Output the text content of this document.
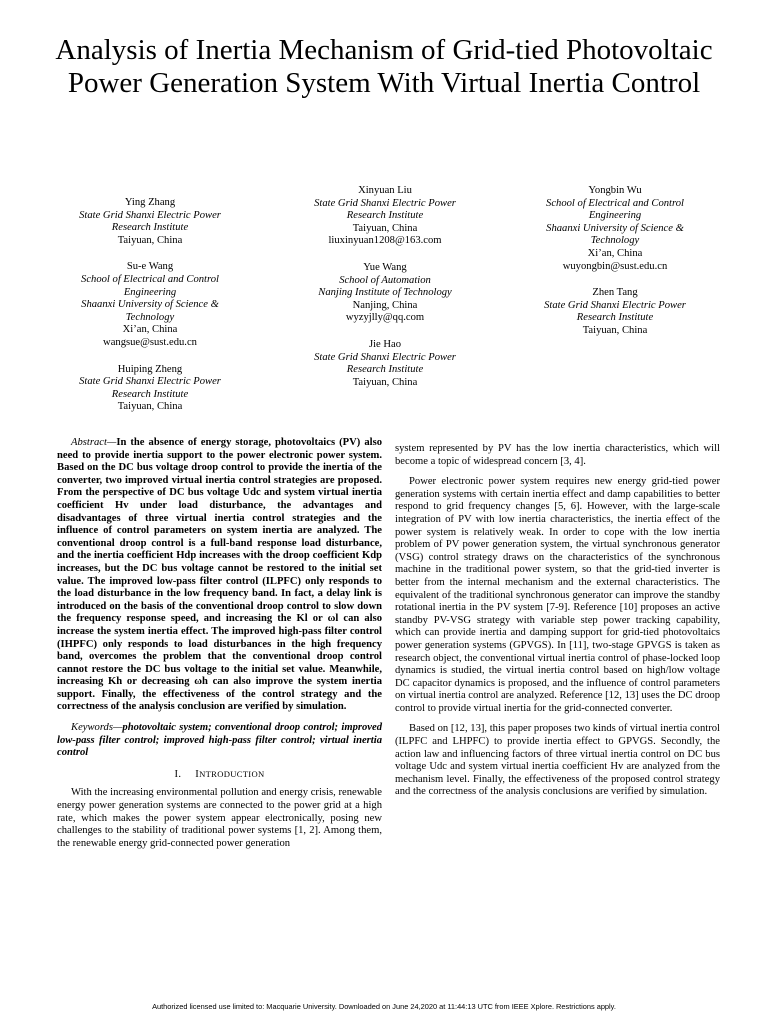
Analysis of Inertia Mechanism of Grid-tied Photovoltaic Power Generation System With Virtual Inertia Control
Ying Zhang
State Grid Shanxi Electric Power
Research Institute
Taiyuan, China
Su-e Wang
School of Electrical and Control
Engineering
Shaanxi University of Science &
Technology
Xi’an, China
wangsue@sust.edu.cn
Huiping Zheng
State Grid Shanxi Electric Power
Research Institute
Taiyuan, China
Xinyuan Liu
State Grid Shanxi Electric Power
Research Institute
Taiyuan, China
liuxinyuan1208@163.com
Yue Wang
School of Automation
Nanjing Institute of Technology
Nanjing, China
wyzyjlly@qq.com
Jie Hao
State Grid Shanxi Electric Power
Research Institute
Taiyuan, China
Yongbin Wu
School of Electrical and Control
Engineering
Shaanxi University of Science &
Technology
Xi’an, China
wuyongbin@sust.edu.cn
Zhen Tang
State Grid Shanxi Electric Power
Research Institute
Taiyuan, China

Abstract—In the absence of energy storage, photovoltaics (PV) also need to provide inertia support to the power electronic power system. Based on the DC bus voltage droop control to provide the inertia of the converter, two improved virtual inertia control strategies are proposed. From the perspective of DC bus voltage Udc and system virtual inertia coefficient Hv under load disturbance, the advantages and disadvantages of three virtual inertia control strategies and the influence of control parameters on system inertia are analyzed. The conventional droop control is a full-band response load disturbance, and the inertia coefficient Hdp increases with the droop coefficient Kdp increases, but the DC bus voltage cannot be restored to the initial set value. The improved low-pass filter control (ILPFC) only responds to the load disturbance in the low frequency band. In fact, a delay link is introduced on the basis of the conventional droop control to slow down the frequency response speed, and increasing the Kl or ωl can also increase the system inertia effect. The improved high-pass filter control (IHPFC) only responds to load disturbances in the high frequency band, overcomes the problem that the conventional droop control cannot restore the DC bus voltage to the initial set value. Meanwhile, increasing Kh or decreasing ωh can also improve the system inertia support. Finally, the effectiveness of the control strategy and the correctness of the analysis conclusion are verified by simulation.

Keywords—photovoltaic system; conventional droop control; improved low-pass filter control; improved high-pass filter control; virtual inertia control

I. INTRODUCTION

With the increasing environmental pollution and energy crisis, renewable energy power generation systems are connected to the power grid at a high rate, which makes the power system appear electronically, posing new challenges to the stability of traditional power systems [1, 2]. Among them, the renewable energy grid-connected power generation

system represented by PV has the low inertia characteristics, which will become a topic of widespread concern [3, 4].

Power electronic power system requires new energy grid-tied power generation systems with certain inertia effect and damp capabilities to better respond to grid frequency changes [5, 6]. However, with the large-scale integration of PV with low inertia characteristics, the inertia effect of the power system is relatively weak. In order to cope with the low inertia problem of PV power generation system, the virtual synchronous generator (VSG) control strategy draws on the characteristics of the synchronous machine in the traditional power system, so that the grid-tied inverter is better from the internal mechanism and the external characteristics. The equivalent of the traditional synchronous generator can improve the standby rotational inertia in the PV system [7-9]. Reference [10] proposes an active standby PV-VSG strategy with variable step power tracking capability, which can provide inertia and damping support for grid-tied photovoltaics power generation systems (GPVGS). In [11], two-stage GPVGS is taken as research object, the conventional virtual inertia control of phase-locked loop dynamics is studied, the virtual inertia control based on high/low voltage DC capacitor dynamics is proposed, and the influence of control parameters on virtual inertia control are analyzed. Reference [12, 13] uses the DC droop control to provide virtual inertia for the grid-connected converter.

Based on [12, 13], this paper proposes two kinds of virtual inertia control (ILPFC and LHPFC) to provide inertia effect to GPVGS. Secondly, the action law and influencing factors of three virtual inertia control on DC bus voltage Udc and system virtual inertia coefficient Hv are analyzed from the mechanism level. Finally, the effectiveness of the proposed control strategy and the correctness of the analysis conclusions are verified by simulation.

Authorized licensed use limited to: Macquarie University. Downloaded on June 24,2020 at 11:44:13 UTC from IEEE Xplore. Restrictions apply.
